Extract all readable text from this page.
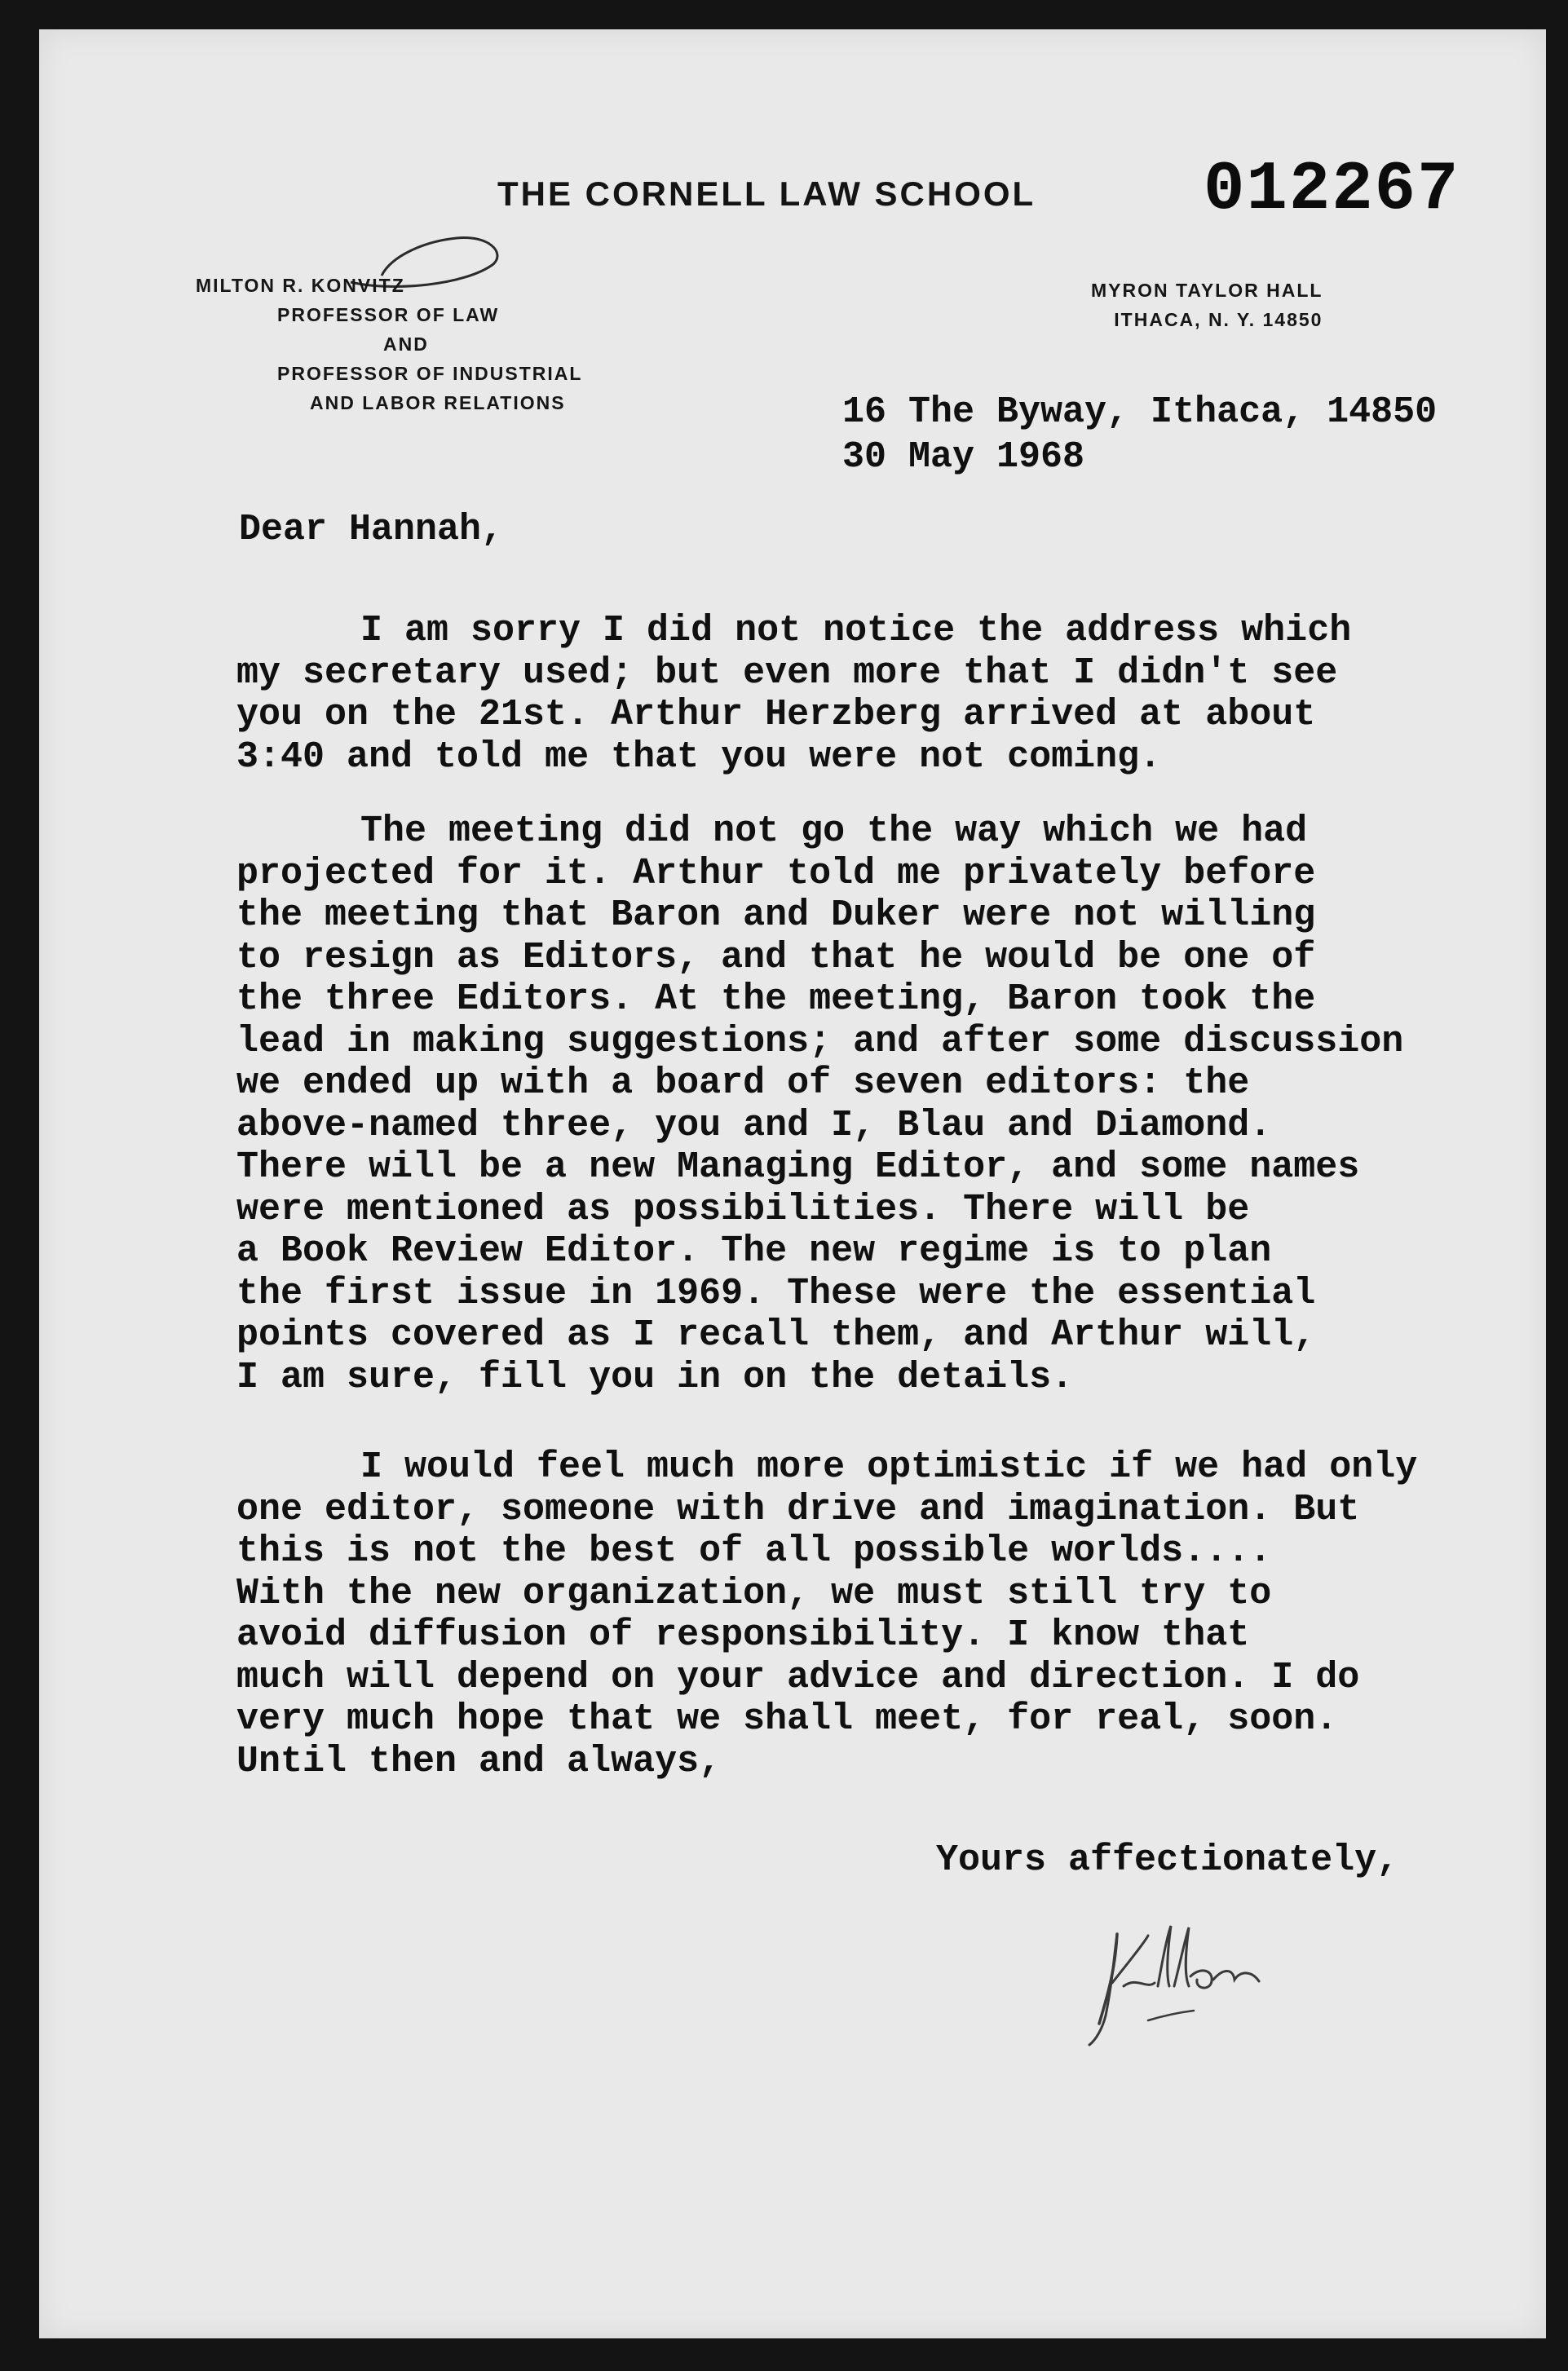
THE CORNELL LAW SCHOOL 012267
MILTON R. KONVITZ
PROFESSOR OF LAW
AND
PROFESSOR OF INDUSTRIAL
AND LABOR RELATIONS
MYRON TAYLOR HALL
ITHACA, N. Y. 14850
16 The Byway, Ithaca, 14850
30 May 1968
Dear Hannah,
I am sorry I did not notice the address which
my secretary used; but even more that I didn't see
you on the 21st. Arthur Herzberg arrived at about
3:40 and told me that you were not coming.
The meeting did not go the way which we had
projected for it. Arthur told me privately before
the meeting that Baron and Duker were not willing
to resign as Editors, and that he would be one of
the three Editors. At the meeting, Baron took the
lead in making suggestions; and after some discussion
we ended up with a board of seven editors: the
above-named three, you and I, Blau and Diamond.
There will be a new Managing Editor, and some names
were mentioned as possibilities. There will be
a Book Review Editor. The new regime is to plan
the first issue in 1969. These were the essential
points covered as I recall them, and Arthur will,
I am sure, fill you in on the details.
I would feel much more optimistic if we had only
one editor, someone with drive and imagination. But
this is not the best of all possible worlds....
With the new organization, we must still try to
avoid diffusion of responsibility. I know that
much will depend on your advice and direction. I do
very much hope that we shall meet, for real, soon.
Until then and always,
Yours affectionately,
